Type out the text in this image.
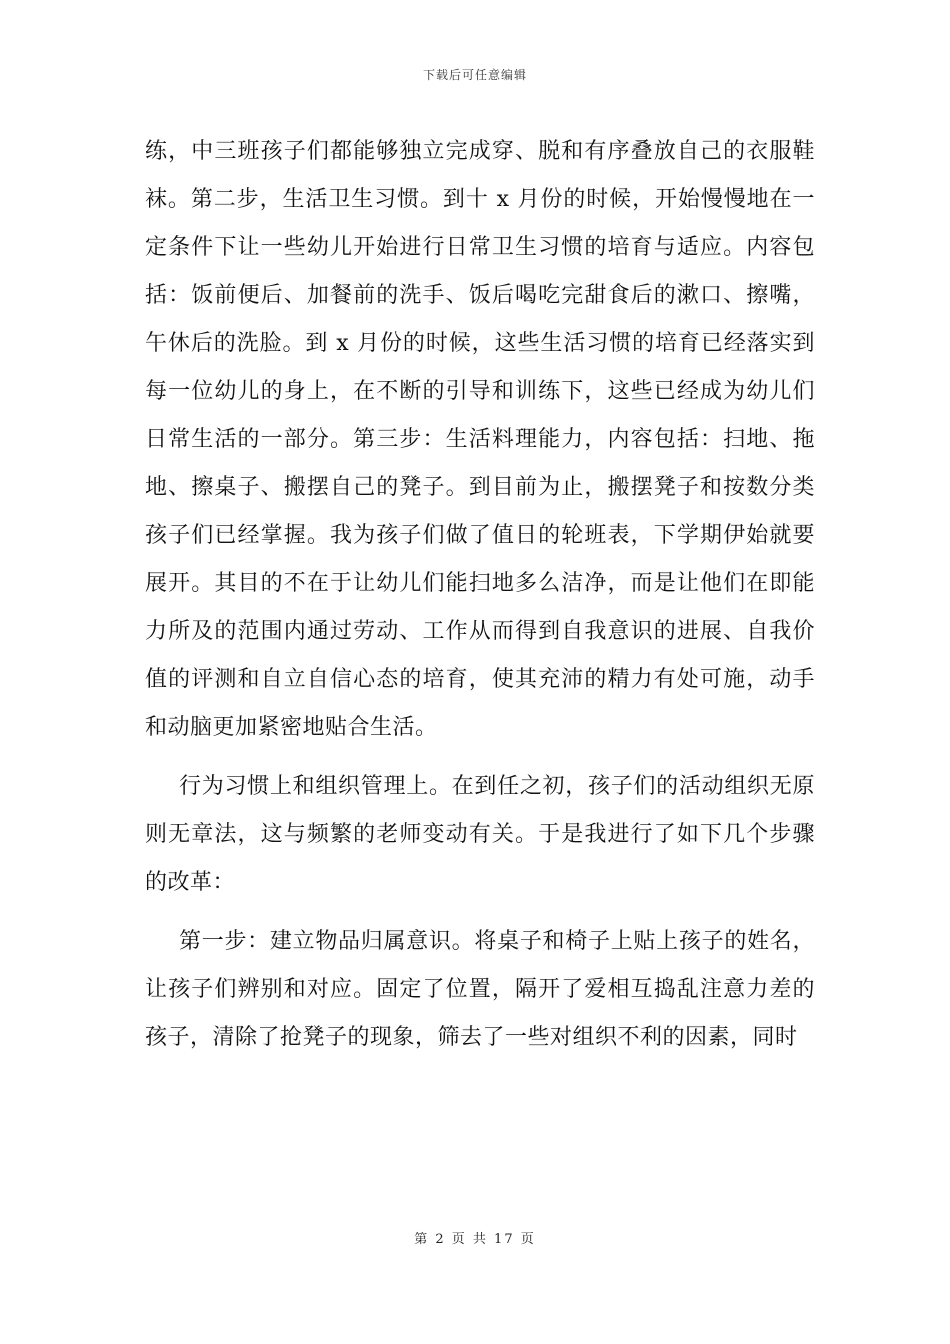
下载后可任意编辑

练，中三班孩子们都能够独立完成穿、脱和有序叠放自己的衣服鞋袜。第二步，生活卫生习惯。到十 x 月份的时候，开始慢慢地在一定条件下让一些幼儿开始进行日常卫生习惯的培育与适应。内容包括：饭前便后、加餐前的洗手、饭后喝吃完甜食后的漱口、擦嘴，午休后的洗脸。到 x 月份的时候，这些生活习惯的培育已经落实到每一位幼儿的身上，在不断的引导和训练下，这些已经成为幼儿们日常生活的一部分。第三步：生活料理能力，内容包括：扫地、拖地、擦桌子、搬摆自己的凳子。到目前为止，搬摆凳子和按数分类孩子们已经掌握。我为孩子们做了值日的轮班表，下学期伊始就要展开。其目的不在于让幼儿们能扫地多么洁净，而是让他们在即能力所及的范围内通过劳动、工作从而得到自我意识的进展、自我价值的评测和自立自信心态的培育，使其充沛的精力有处可施，动手和动脑更加紧密地贴合生活。

行为习惯上和组织管理上。在到任之初，孩子们的活动组织无原则无章法，这与频繁的老师变动有关。于是我进行了如下几个步骤的改革：

第一步：建立物品归属意识。将桌子和椅子上贴上孩子的姓名，让孩子们辨别和对应。固定了位置，隔开了爱相互捣乱注意力差的孩子，清除了抢凳子的现象，筛去了一些对组织不利的因素，同时

第 2 页 共 17 页
